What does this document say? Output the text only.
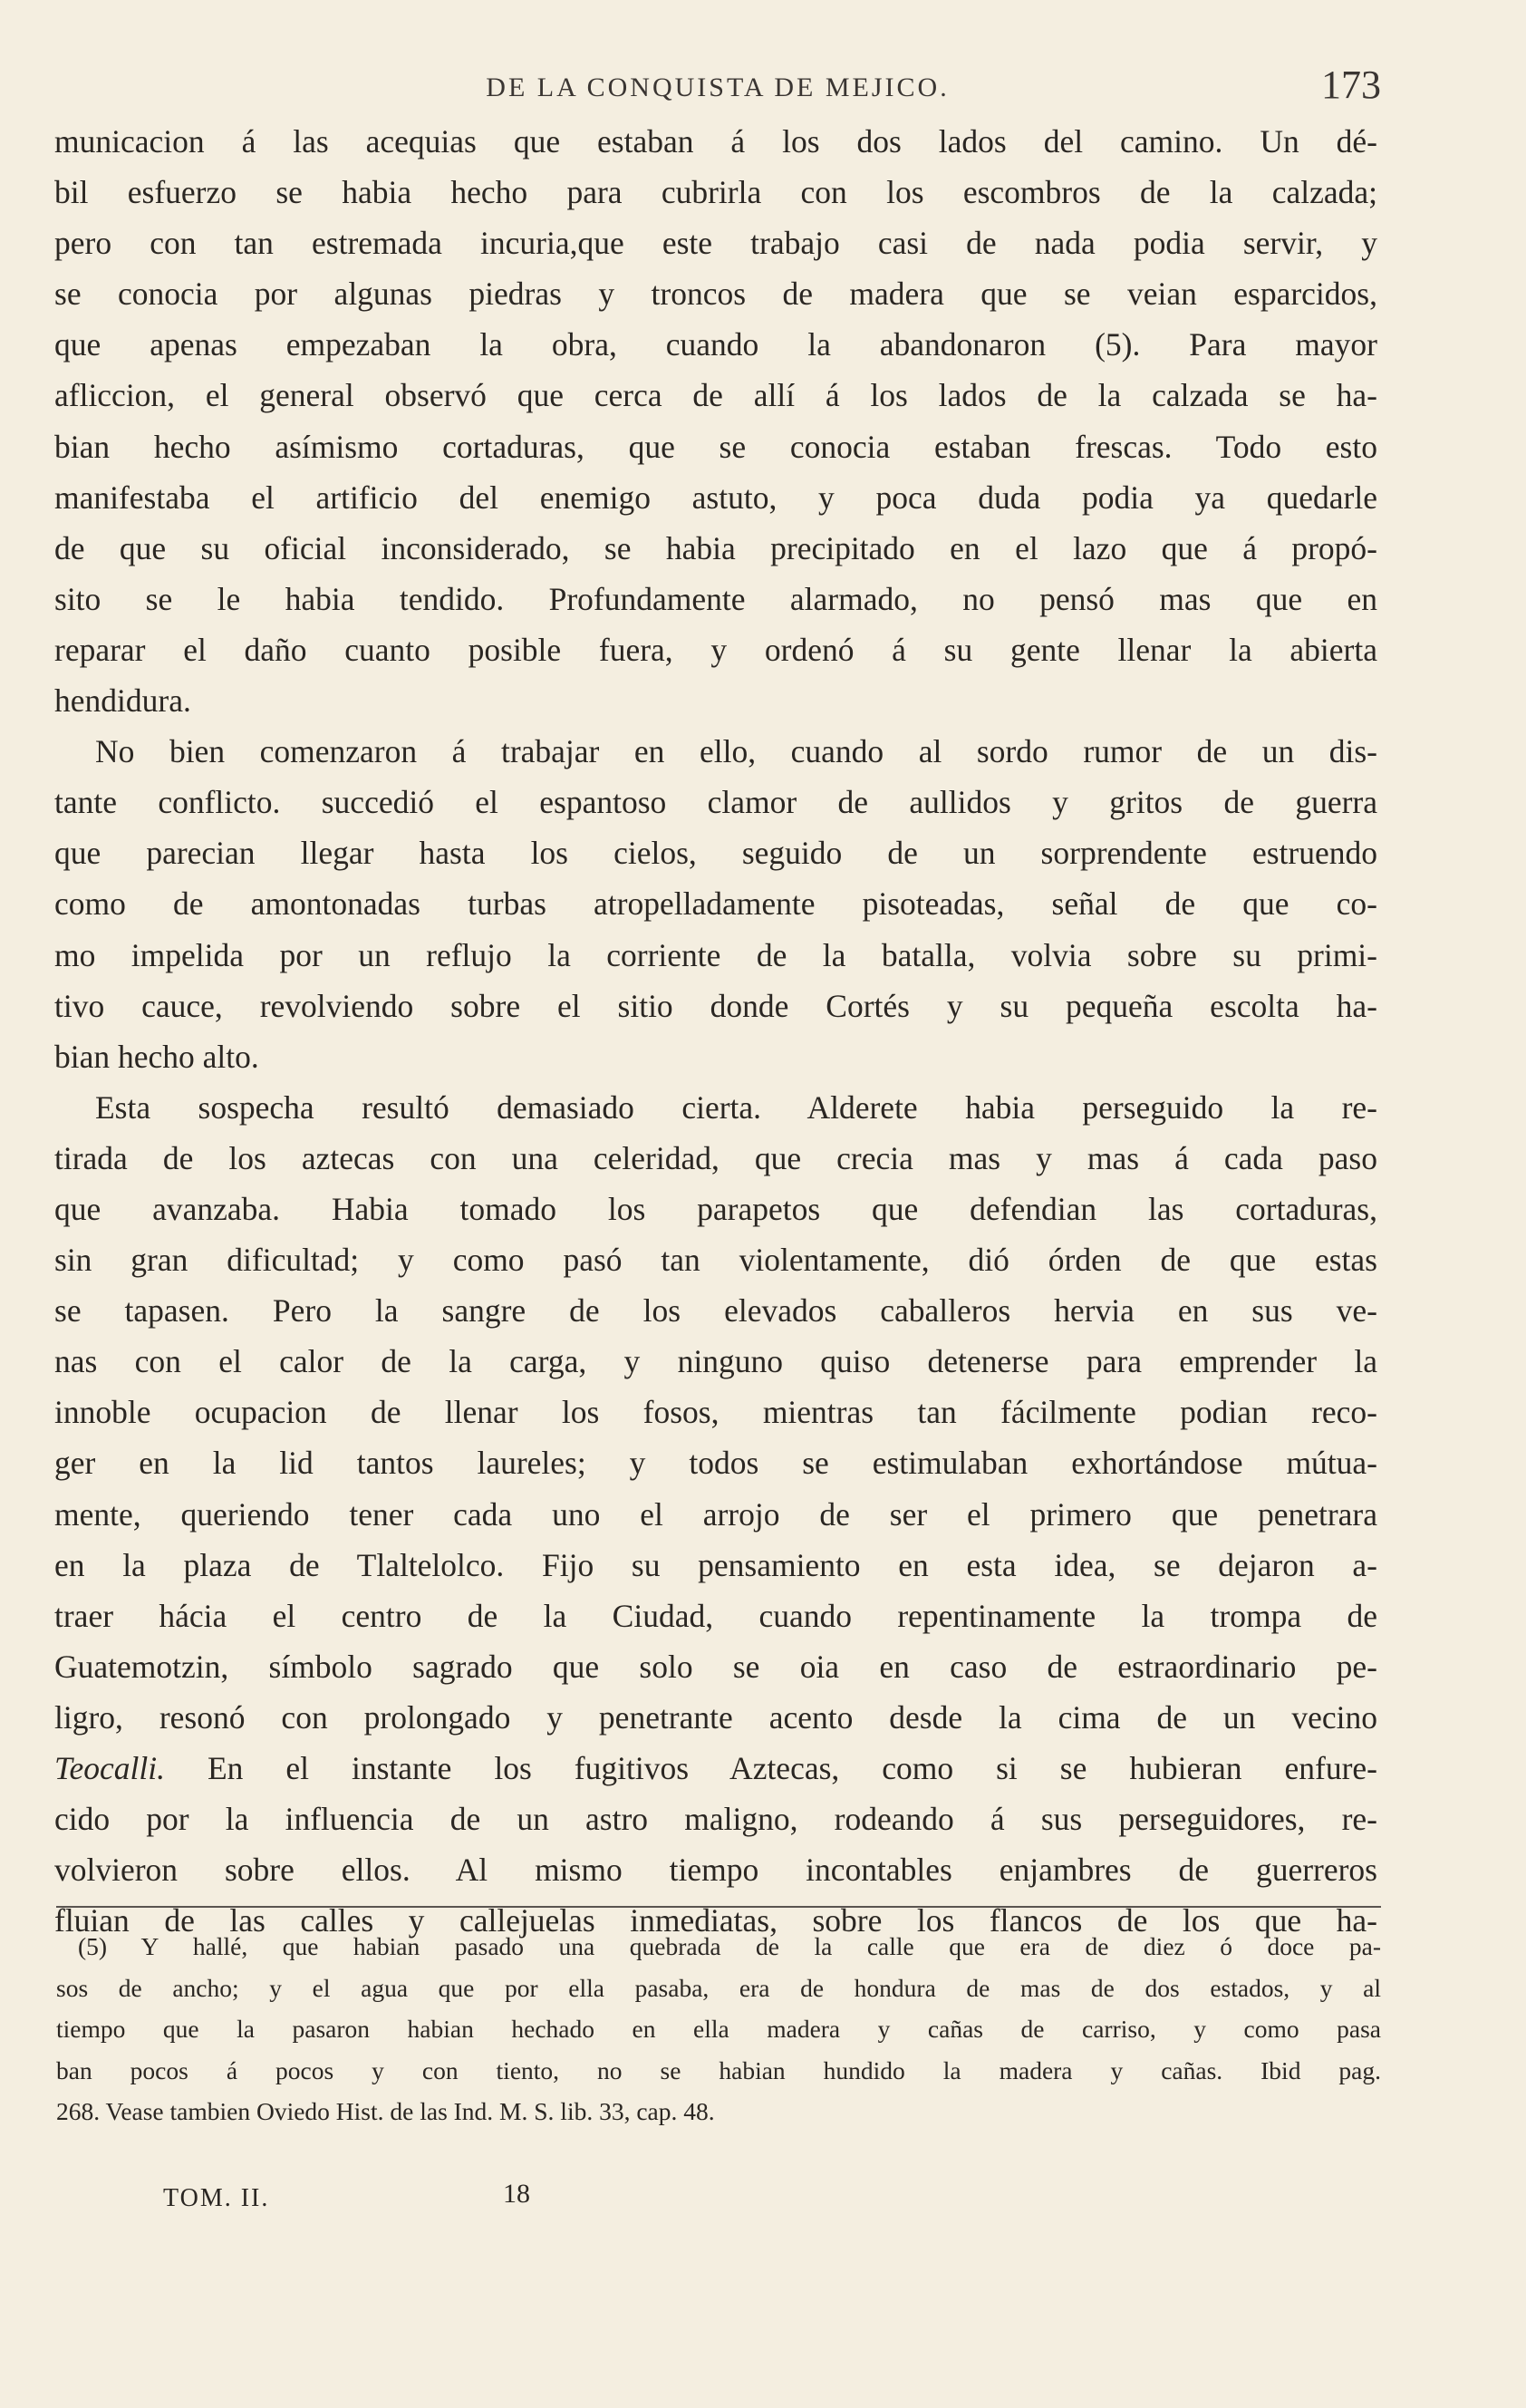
DE LA CONQUISTA DE MEJICO.	173
municacion á las acequias que estaban á los dos lados del camino. Un dé-
bil esfuerzo se habia hecho para cubrirla con los escombros de la calzada;
pero con tan estremada incuria,que este trabajo casi de nada podia servir, y
se conocia por algunas piedras y troncos de madera que se veian esparcidos,
que apenas empezaban la obra, cuando la abandonaron (5). Para mayor
afliccion, el general observó que cerca de allí á los lados de la calzada se ha-
bian hecho asímismo cortaduras, que se conocia estaban frescas. Todo esto
manifestaba el artificio del enemigo astuto, y poca duda podia ya quedarle
de que su oficial inconsiderado, se habia precipitado en el lazo que á propó-
sito se le habia tendido. Profundamente alarmado, no pensó mas que en
reparar el daño cuanto posible fuera, y ordenó á su gente llenar la abierta
hendidura.
No bien comenzaron á trabajar en ello, cuando al sordo rumor de un dis-
tante conflicto. succedió el espantoso clamor de aullidos y gritos de guerra
que parecian llegar hasta los cielos, seguido de un sorprendente estruendo
como de amontonadas turbas atropelladamente pisoteadas, señal de que co-
mo impelida por un reflujo la corriente de la batalla, volvia sobre su primi-
tivo cauce, revolviendo sobre el sitio donde Cortés y su pequeña escolta ha-
bian hecho alto.
Esta sospecha resultó demasiado cierta. Alderete habia perseguido la re-
tirada de los aztecas con una celeridad, que crecia mas y mas á cada paso
que avanzaba. Habia tomado los parapetos que defendian las cortaduras,
sin gran dificultad; y como pasó tan violentamente, dió órden de que estas
se tapasen. Pero la sangre de los elevados caballeros hervia en sus ve-
nas con el calor de la carga, y ninguno quiso detenerse para emprender la
innoble ocupacion de llenar los fosos, mientras tan fácilmente podian reco-
ger en la lid tantos laureles; y todos se estimulaban exhortándose mútua-
mente, queriendo tener cada uno el arrojo de ser el primero que penetrara
en la plaza de Tlaltelolco. Fijo su pensamiento en esta idea, se dejaron a-
traer hácia el centro de la Ciudad, cuando repentinamente la trompa de
Guatemotzin, símbolo sagrado que solo se oia en caso de estraordinario pe-
ligro, resonó con prolongado y penetrante acento desde la cima de un vecino
Teocalli. En el instante los fugitivos Aztecas, como si se hubieran enfure-
cido por la influencia de un astro maligno, rodeando á sus perseguidores, re-
volvieron sobre ellos. Al mismo tiempo incontables enjambres de guerreros
fluian de las calles y callejuelas inmediatas, sobre los flancos de los que ha-
(5) Y hallé, que habian pasado una quebrada de la calle que era de diez ó doce pa-
sos de ancho; y el agua que por ella pasaba, era de hondura de mas de dos estados, y al
tiempo que la pasaron habian hechado en ella madera y cañas de carriso, y como pasa
ban pocos á pocos y con tiento, no se habian hundido la madera y cañas. Ibid pag.
268. Vease tambien Oviedo Hist. de las Ind. M. S. lib. 33, cap. 48.
TOM. II.	18
